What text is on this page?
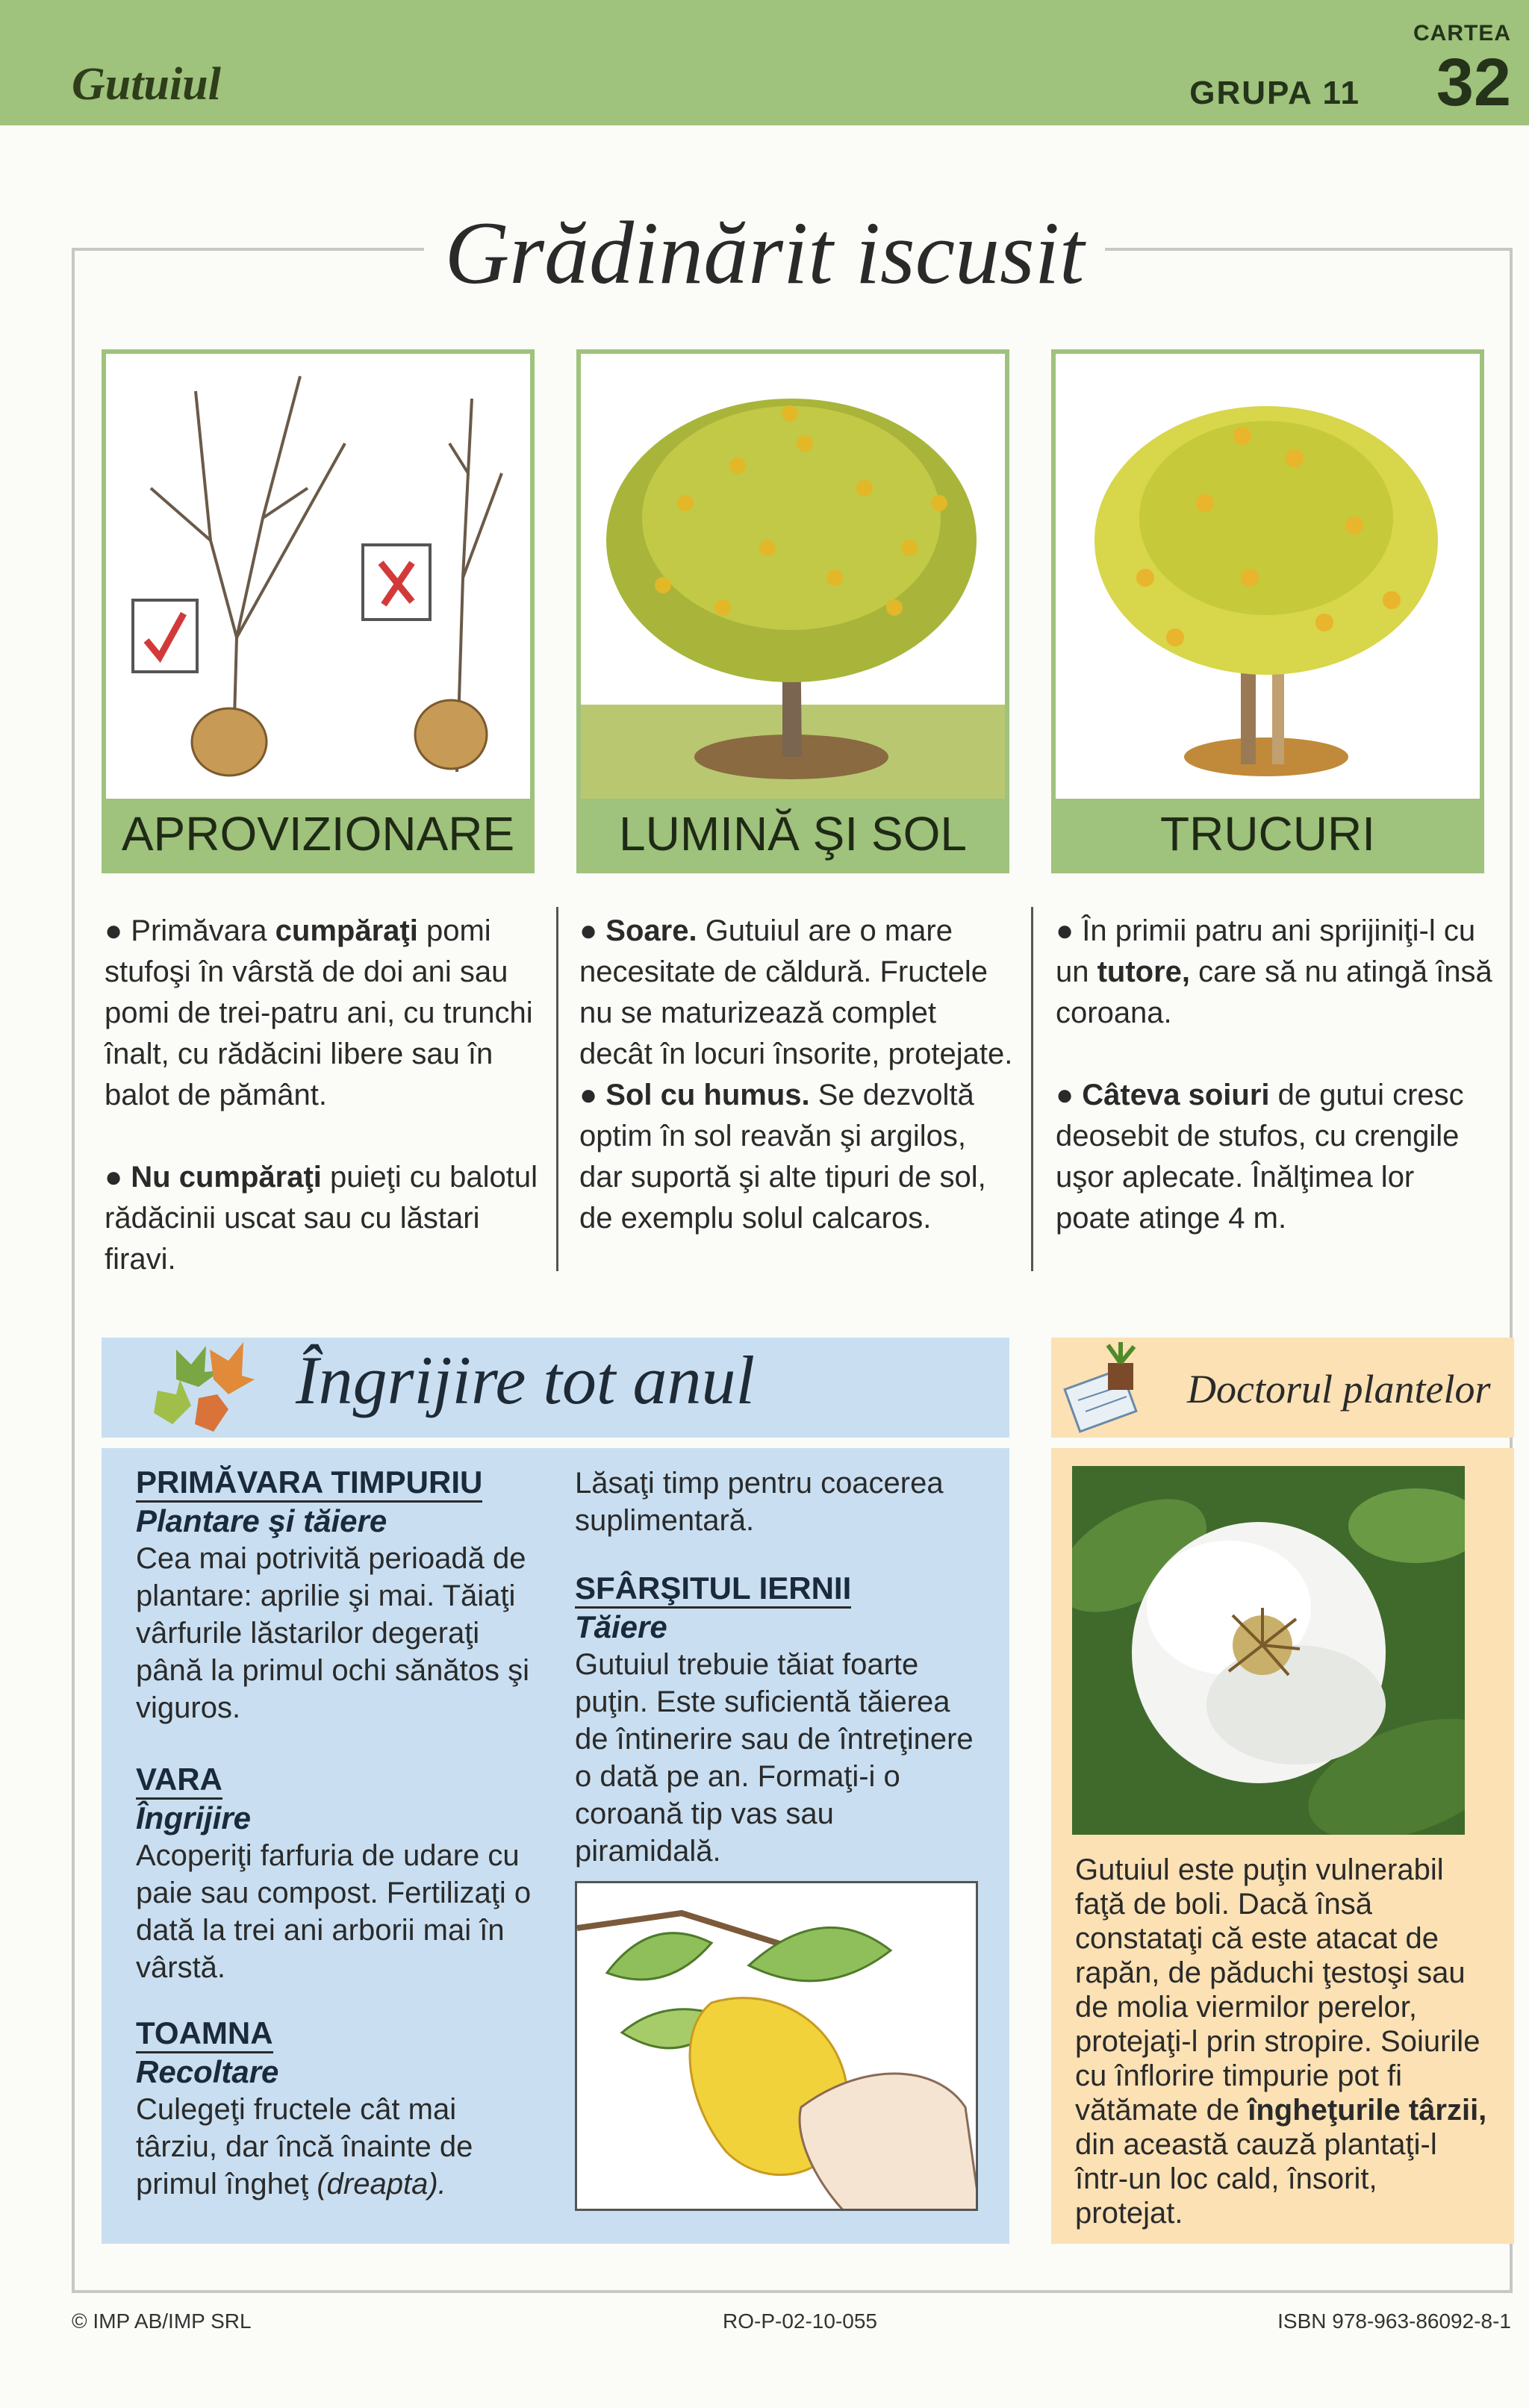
Gutuiul	GRUPA 11
CARTEA
32
Grădinărit iscusit
APROVIZIONARE	LUMINĂ ŞI SOL	TRUCURI

● Primăvara cumpăraţi pomi stufoşi în vârstă de doi ani sau pomi de trei-patru ani, cu trunchi înalt, cu rădăcini libere sau în balot de pământ.

● Nu cumpăraţi puieţi cu balotul rădăcinii uscat sau cu lăstari firavi.

● Soare. Gutuiul are o mare necesitate de căldură. Fructele nu se maturizează complet decât în locuri însorite, protejate.

● Sol cu humus. Se dezvoltă optim în sol reavăn şi argilos, dar suportă şi alte tipuri de sol, de exemplu solul calcaros.

● În primii patru ani sprijiniţi-l cu un tutore, care să nu atingă însă coroana.

● Câteva soiuri de gutui cresc deosebit de stufos, cu crengile uşor aplecate. Înălţimea lor poate atinge 4 m.

Îngrijire tot anul
PRIMĂVARA TIMPURIU
Plantare şi tăiere
Cea mai potrivită perioadă de plantare: aprilie şi mai. Tăiaţi vârfurile lăstarilor degeraţi până la primul ochi sănătos şi viguros.
VARA
Îngrijire
Acoperiţi farfuria de udare cu paie sau compost. Fertilizaţi o dată la trei ani arborii mai în vârstă.
TOAMNA
Recoltare
Culegeţi fructele cât mai târziu, dar încă înainte de primul îngheţ (dreapta).
Lăsaţi timp pentru coacerea suplimentară.
SFÂRŞITUL IERNII
Tăiere
Gutuiul trebuie tăiat foarte puţin. Este suficientă tăierea de întinerire sau de întreţinere o dată pe an. Formaţi-i o coroană tip vas sau piramidală.
Doctorul plantelor
Gutuiul este puţin vulnerabil faţă de boli. Dacă însă constataţi că este atacat de rapăn, de păduchi ţestoşi sau de molia viermilor perelor, protejaţi-l prin stropire. Soiurile cu înflorire timpurie pot fi vătămate de îngheţurile târzii, din această cauză plantaţi-l într-un loc cald, însorit, protejat.
© IMP AB/IMP SRL	RO-P-02-10-055	ISBN 978-963-86092-8-1
